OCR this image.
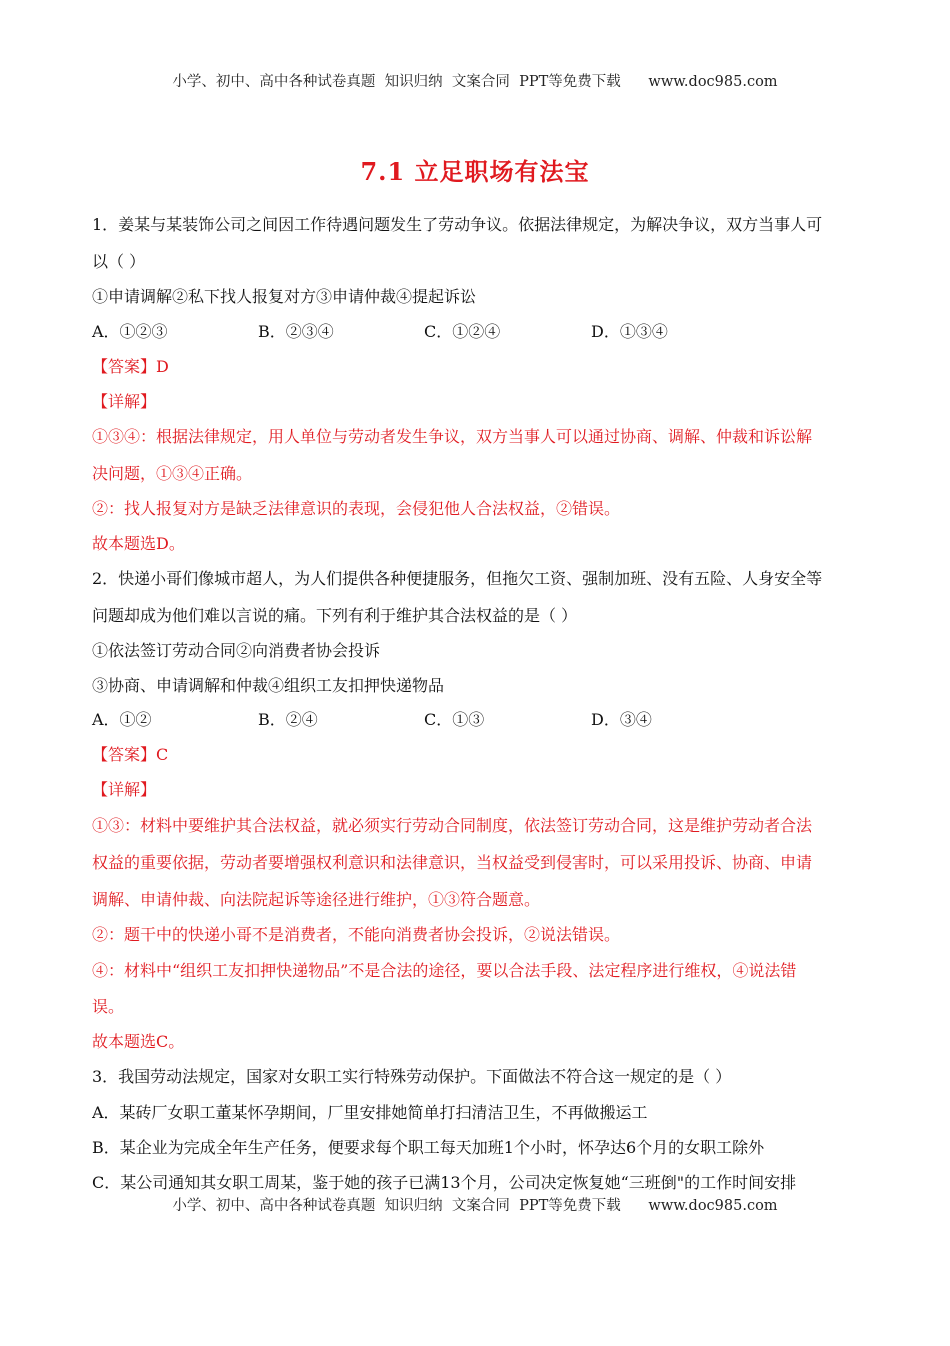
小学、初中、高中各种试卷真题  知识归纳  文案合同  PPT等免费下载      www.doc985.com
7.1 立足职场有法宝
1．姜某与某装饰公司之间因工作待遇问题发生了劳动争议。依据法律规定，为解决争议，双方当事人可
以（ ）
①申请调解②私下找人报复对方③申请仲裁④提起诉讼
A．①②③	B．②③④	C．①②④	D．①③④
【答案】D
【详解】
①③④：根据法律规定，用人单位与劳动者发生争议，双方当事人可以通过协商、调解、仲裁和诉讼解
决问题，①③④正确。
②：找人报复对方是缺乏法律意识的表现，会侵犯他人合法权益，②错误。
故本题选D。
2．快递小哥们像城市超人，为人们提供各种便捷服务，但拖欠工资、强制加班、没有五险、人身安全等
问题却成为他们难以言说的痛。下列有利于维护其合法权益的是（ ）
①依法签订劳动合同②向消费者协会投诉
③协商、申请调解和仲裁④组织工友扣押快递物品
A．①②	B．②④	C．①③	D．③④
【答案】C
【详解】
①③：材料中要维护其合法权益，就必须实行劳动合同制度，依法签订劳动合同，这是维护劳动者合法
权益的重要依据，劳动者要增强权利意识和法律意识，当权益受到侵害时，可以采用投诉、协商、申请
调解、申请仲裁、向法院起诉等途径进行维护，①③符合题意。
②：题干中的快递小哥不是消费者，不能向消费者协会投诉，②说法错误。
④：材料中“组织工友扣押快递物品”不是合法的途径，要以合法手段、法定程序进行维权，④说法错
误。
故本题选C。
3．我国劳动法规定，国家对女职工实行特殊劳动保护。下面做法不符合这一规定的是（ ）
A．某砖厂女职工董某怀孕期间，厂里安排她简单打扫清洁卫生，不再做搬运工
B．某企业为完成全年生产任务，便要求每个职工每天加班1个小时，怀孕达6个月的女职工除外
C．某公司通知其女职工周某，鉴于她的孩子已满13个月，公司决定恢复她“三班倒"的工作时间安排
小学、初中、高中各种试卷真题  知识归纳  文案合同  PPT等免费下载      www.doc985.com
